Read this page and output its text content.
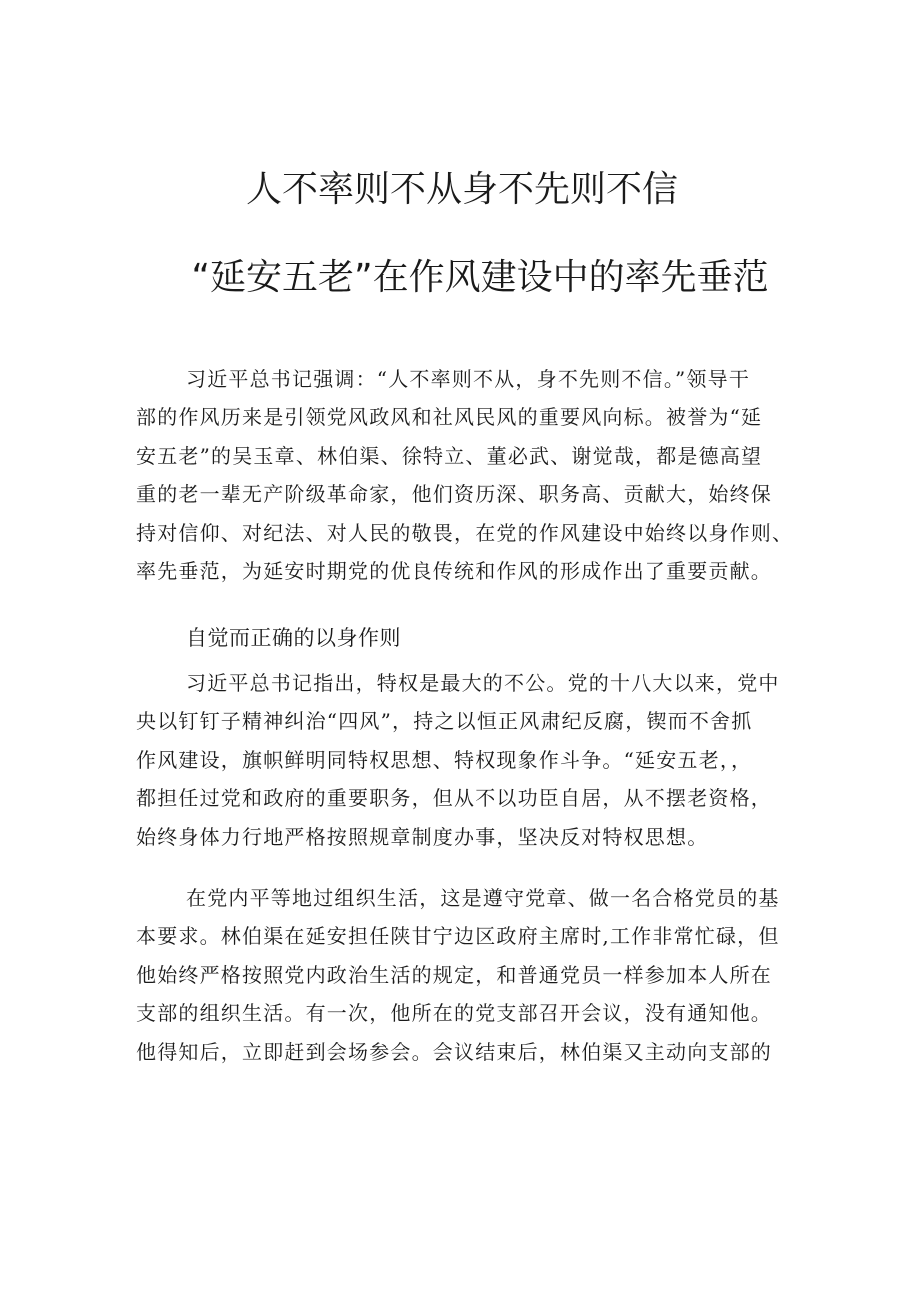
人不率则不从身不先则不信
“延安五老”在作风建设中的率先垂范
习近平总书记强调：“人不率则不从，身不先则不信。”领导干
部的作风历来是引领党风政风和社风民风的重要风向标。被誉为“延
安五老”的吴玉章、林伯渠、徐特立、董必武、谢觉哉，都是德高望
重的老一辈无产阶级革命家，他们资历深、职务高、贡献大，始终保
持对信仰、对纪法、对人民的敬畏，在党的作风建设中始终以身作则、
率先垂范，为延安时期党的优良传统和作风的形成作出了重要贡献。
自觉而正确的以身作则
习近平总书记指出，特权是最大的不公。党的十八大以来，党中
央以钉钉子精神纠治“四风”，持之以恒正风肃纪反腐，锲而不舍抓
作风建设，旗帜鲜明同特权思想、特权现象作斗争。“延安五老，，
都担任过党和政府的重要职务，但从不以功臣自居，从不摆老资格，
始终身体力行地严格按照规章制度办事，坚决反对特权思想。
在党内平等地过组织生活，这是遵守党章、做一名合格党员的基
本要求。林伯渠在延安担任陕甘宁边区政府主席时,工作非常忙碌，但
他始终严格按照党内政治生活的规定，和普通党员一样参加本人所在
支部的组织生活。有一次，他所在的党支部召开会议，没有通知他。
他得知后，立即赶到会场参会。会议结束后，林伯渠又主动向支部的
